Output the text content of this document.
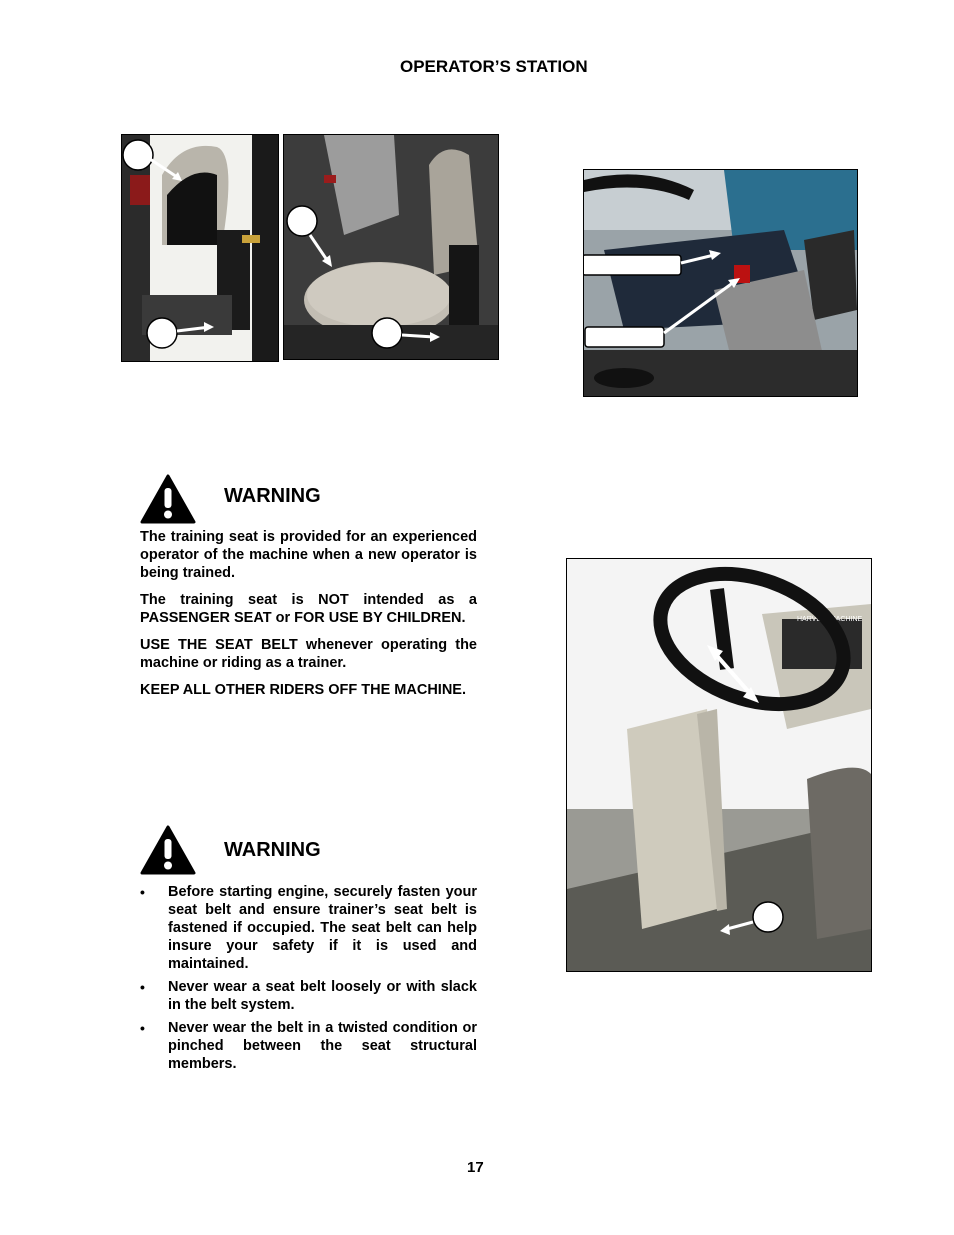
OPERATOR’S STATION
HARVESTMACHINE
WARNING

The training seat is provided for an experienced operator of the machine when a new operator is being trained.

The training seat is NOT intended as a PASSENGER SEAT or FOR USE BY CHILDREN.

USE THE SEAT BELT whenever operating the machine or riding as a trainer.

KEEP ALL OTHER RIDERS OFF THE MACHINE.

WARNING
• Before starting engine, securely fasten your seat belt and ensure trainer’s seat belt is fastened if occupied. The seat belt can help insure your safety if it is used and maintained.
• Never wear a seat belt loosely or with slack in the belt system.
• Never wear the belt in a twisted condition or pinched between the seat structural members.
17
